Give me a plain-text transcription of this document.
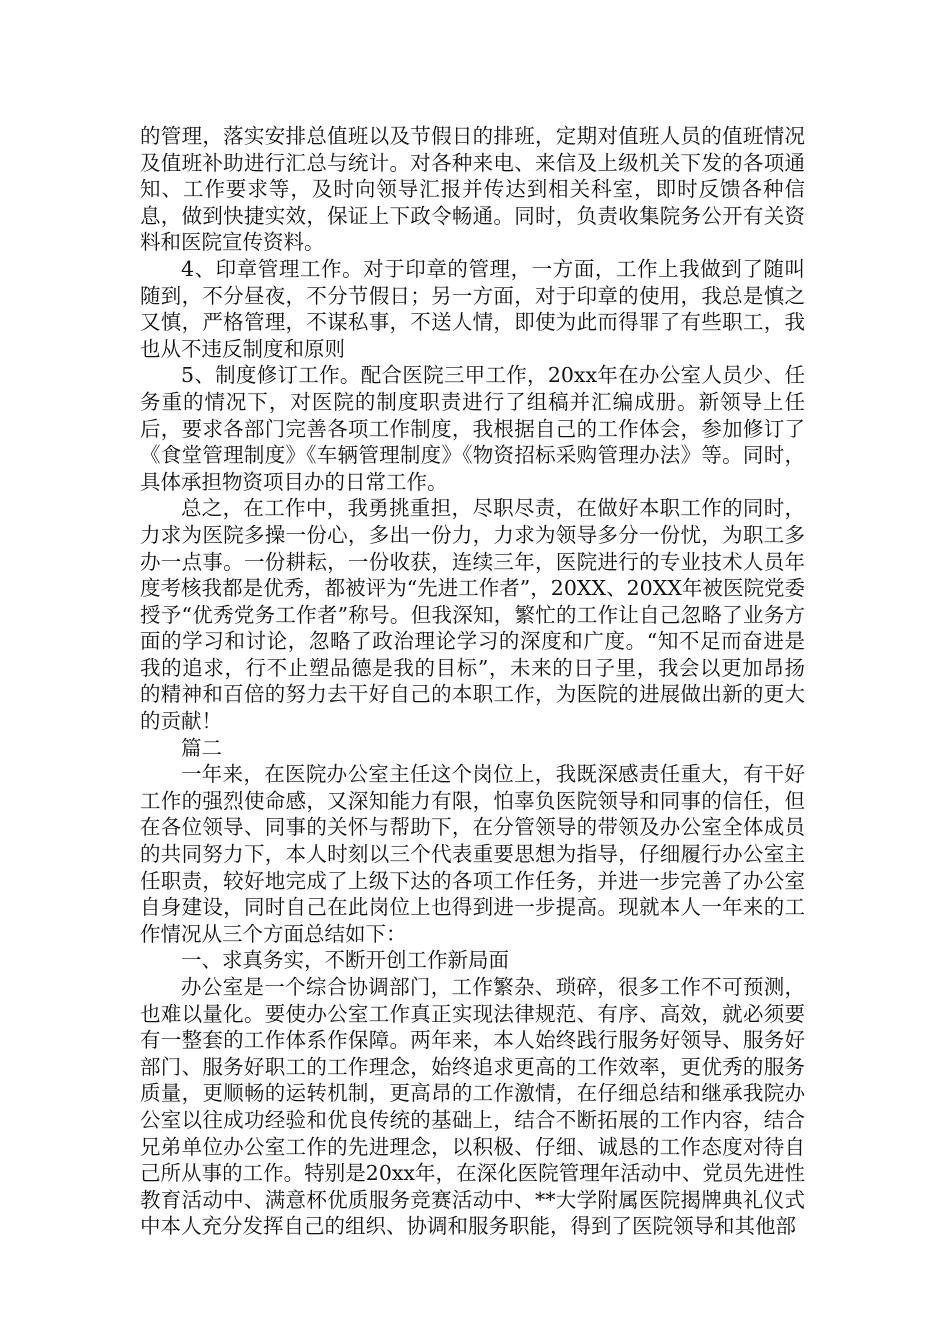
的管理，落实安排总值班以及节假日的排班，定期对值班人员的值班情况及值班补助进行汇总与统计。对各种来电、来信及上级机关下发的各项通知、工作要求等，及时向领导汇报并传达到相关科室，即时反馈各种信息，做到快捷实效，保证上下政令畅通。同时，负责收集院务公开有关资料和医院宣传资料。

4、印章管理工作。对于印章的管理，一方面，工作上我做到了随叫随到，不分昼夜，不分节假日；另一方面，对于印章的使用，我总是慎之又慎，严格管理，不谋私事，不送人情，即使为此而得罪了有些职工，我也从不违反制度和原则

5、制度修订工作。配合医院三甲工作，20xx年在办公室人员少、任务重的情况下，对医院的制度职责进行了组稿并汇编成册。新领导上任后，要求各部门完善各项工作制度，我根据自己的工作体会，参加修订了《食堂管理制度》《车辆管理制度》《物资招标采购管理办法》等。同时，具体承担物资项目办的日常工作。

总之，在工作中，我勇挑重担，尽职尽责，在做好本职工作的同时，力求为医院多操一份心，多出一份力，力求为领导多分一份忧，为职工多办一点事。一份耕耘，一份收获，连续三年，医院进行的专业技术人员年度考核我都是优秀，都被评为“先进工作者”，20XX、20XX年被医院党委授予“优秀党务工作者”称号。但我深知，繁忙的工作让自己忽略了业务方面的学习和讨论，忽略了政治理论学习的深度和广度。“知不足而奋进是我的追求，行不止塑品德是我的目标”，未来的日子里，我会以更加昂扬的精神和百倍的努力去干好自己的本职工作，为医院的进展做出新的更大的贡献！

篇二

一年来，在医院办公室主任这个岗位上，我既深感责任重大，有干好工作的强烈使命感，又深知能力有限，怕辜负医院领导和同事的信任，但在各位领导、同事的关怀与帮助下，在分管领导的带领及办公室全体成员的共同努力下，本人时刻以三个代表重要思想为指导，仔细履行办公室主任职责，较好地完成了上级下达的各项工作任务，并进一步完善了办公室自身建设，同时自己在此岗位上也得到进一步提高。现就本人一年来的工作情况从三个方面总结如下：

一、求真务实，不断开创工作新局面

办公室是一个综合协调部门，工作繁杂、琐碎，很多工作不可预测，也难以量化。要使办公室工作真正实现法律规范、有序、高效，就必须要有一整套的工作体系作保障。两年来，本人始终践行服务好领导、服务好部门、服务好职工的工作理念，始终追求更高的工作效率，更优秀的服务质量，更顺畅的运转机制，更高昂的工作激情，在仔细总结和继承我院办公室以往成功经验和优良传统的基础上，结合不断拓展的工作内容，结合兄弟单位办公室工作的先进理念，以积极、仔细、诚恳的工作态度对待自己所从事的工作。特别是20xx年，在深化医院管理年活动中、党员先进性教育活动中、满意杯优质服务竞赛活动中、**大学附属医院揭牌典礼仪式中本人充分发挥自己的组织、协调和服务职能，得到了医院领导和其他部
